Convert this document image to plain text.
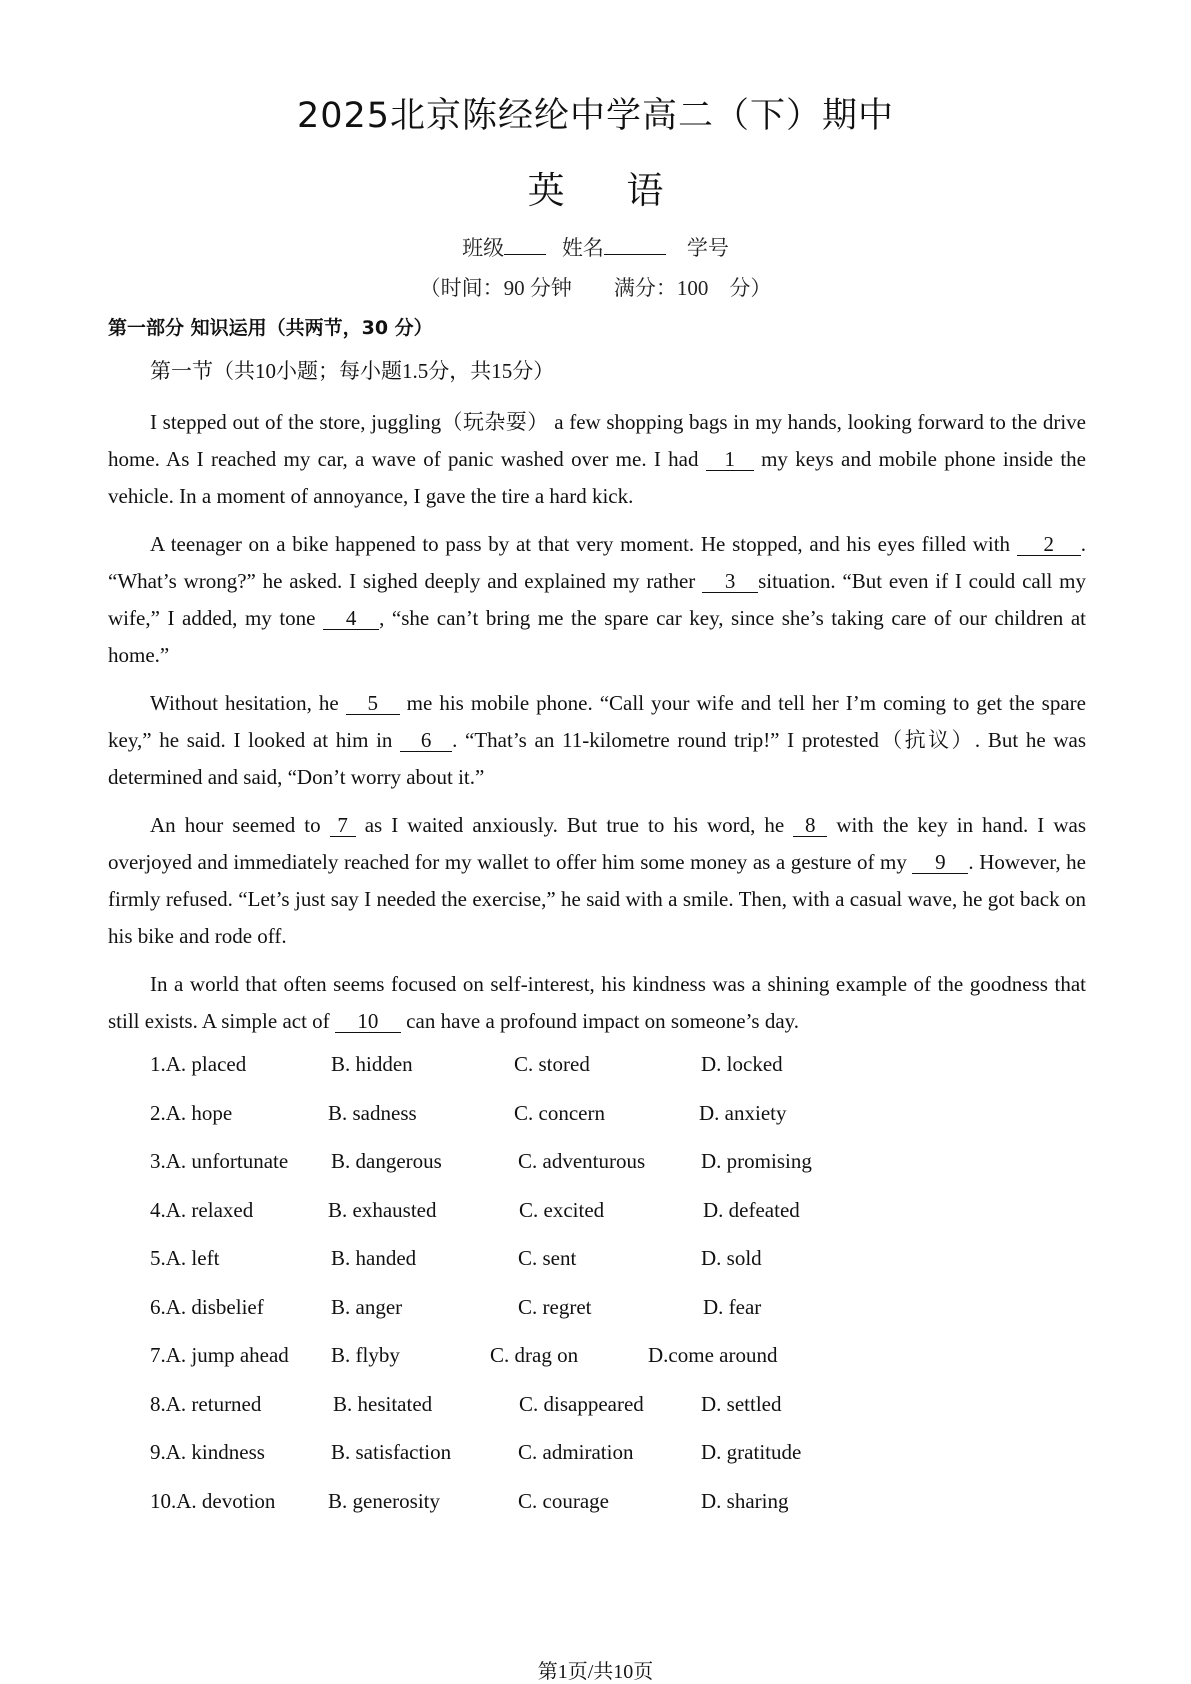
2025北京陈经纶中学高二（下）期中
英 语
班级	姓名	学号
（时间：90 分钟　　满分：100　分）
第一部分 知识运用（共两节，30 分）
第一节（共10小题；每小题1.5分，共15分）

I stepped out of the store, juggling（玩杂耍） a few shopping bags in my hands, looking forward to the drive home. As I reached my car, a wave of panic washed over me. I had 1 my keys and mobile phone inside the vehicle. In a moment of annoyance, I gave the tire a hard kick.

A teenager on a bike happened to pass by at that very moment. He stopped, and his eyes filled with 2 . “What’s wrong?” he asked. I sighed deeply and explained my rather 3 situation. “But even if I could call my wife,” I added, my tone 4 , “she can’t bring me the spare car key, since she’s taking care of our children at home.”

Without hesitation, he 5 me his mobile phone. “Call your wife and tell her I’m coming to get the spare key,” he said. I looked at him in 6 . “That’s an 11-kilometre round trip!” I protested（抗议）. But he was determined and said, “Don’t worry about it.”

An hour seemed to 7 as I waited anxiously. But true to his word, he 8 with the key in hand. I was overjoyed and immediately reached for my wallet to offer him some money as a gesture of my 9 . However, he firmly refused. “Let’s just say I needed the exercise,” he said with a smile. Then, with a casual wave, he got back on his bike and rode off.

In a world that often seems focused on self-interest, his kindness was a shining example of the goodness that still exists. A simple act of 10 can have a profound impact on someone’s day.

1.A. placed	B. hidden	C. stored	D. locked
2.A. hope	B. sadness	C. concern	D. anxiety
3.A. unfortunate B. dangerous	C. adventurous	D. promising
4.A. relaxed	B. exhausted	C. excited	D. defeated
5.A. left	B. handed	C. sent	D. sold
6.A. disbelief	B. anger	C. regret	D. fear
7.A. jump ahead B. flyby	C. drag on	D.come around
8.A. returned	B. hesitated	C. disappeared	D. settled
9.A. kindness	B. satisfaction	C. admiration	D. gratitude
10.A. devotion	B. generosity	C. courage	D. sharing
第1页/共10页
